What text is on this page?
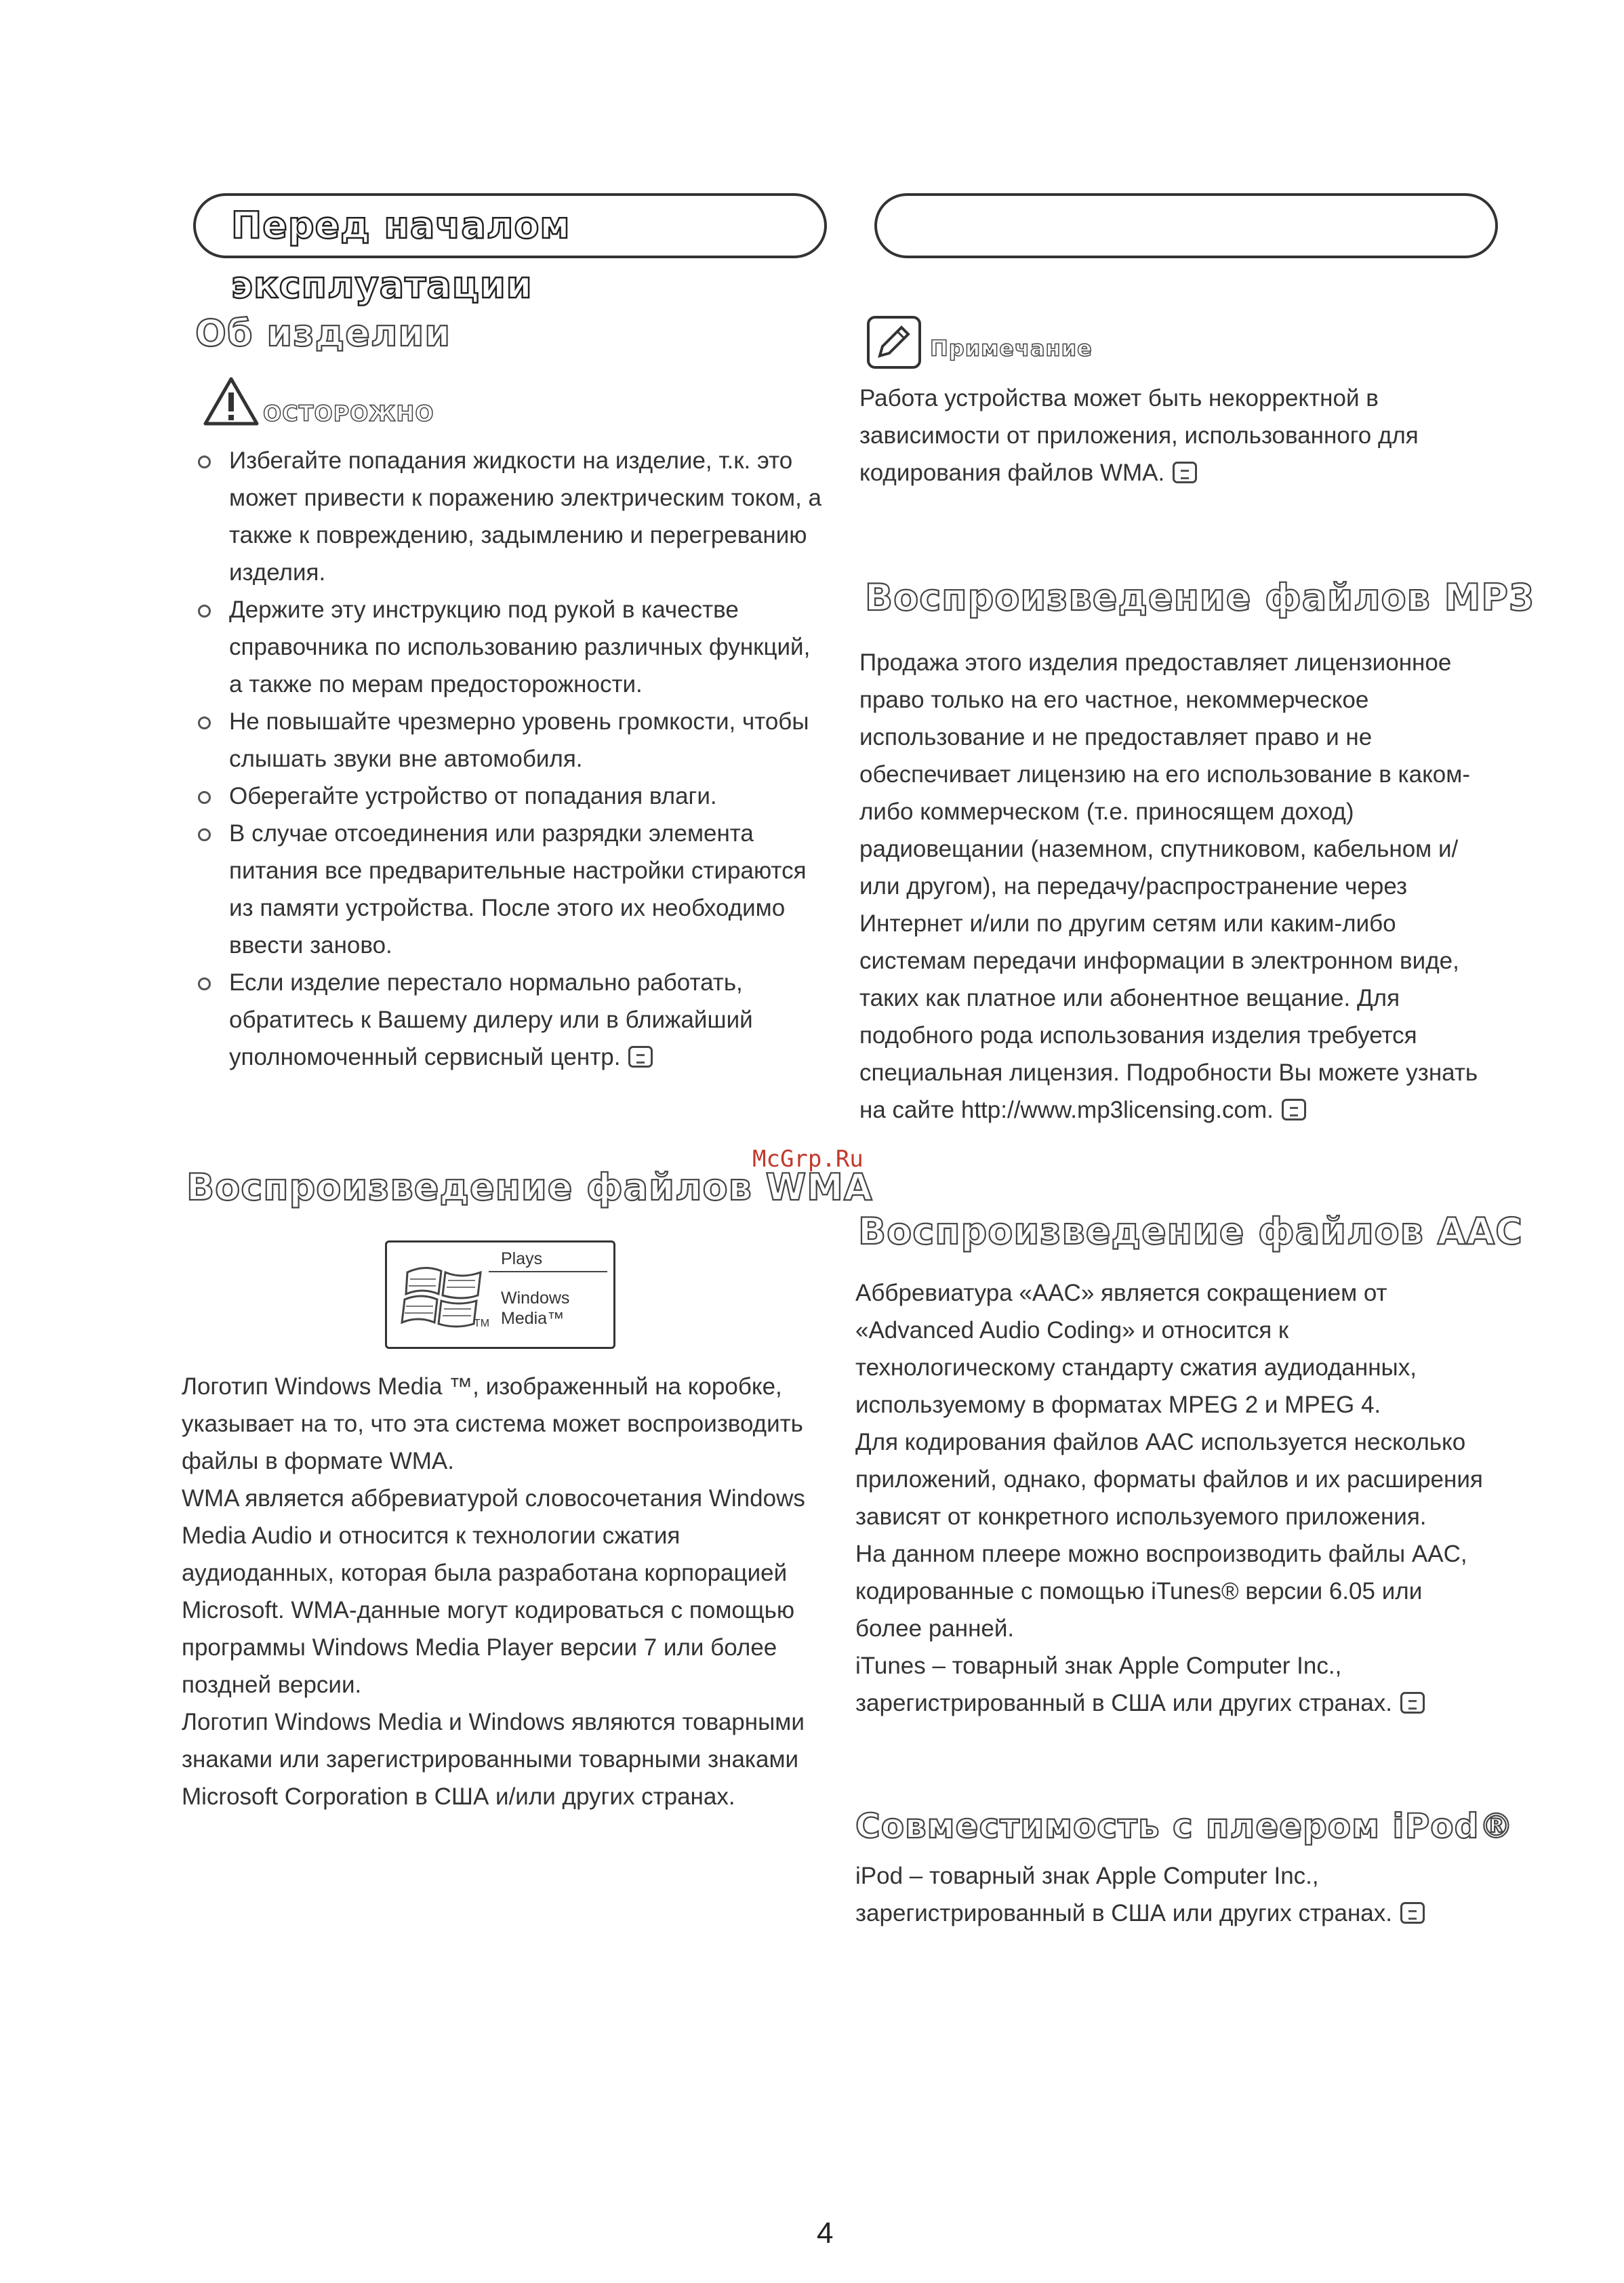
Перед началом эксплуатации
Об изделии
ОСТОРОЖНО
Избегайте попадания жидкости на изделие, т.к. это может привести к поражению электрическим током, а также к повреждению, задымлению и перегреванию изделия.
Держите эту инструкцию под рукой в качестве справочника по использованию различных функций, а также по мерам предосторожности.
Не повышайте чрезмерно уровень громкости, чтобы слышать звуки вне автомобиля.
Оберегайте устройство от попадания влаги.
В случае отсоединения или разрядки элемента питания все предварительные настройки стираются из памяти устройства. После этого их необходимо ввести заново.
Если изделие перестало нормально работать, обратитесь к Вашему дилеру или в ближайший уполномоченный сервисный центр.
McGrp.Ru
Воспроизведение файлов WMA
Plays
Windows
Media™
TM
Логотип Windows Media ™, изображенный на коробке, указывает на то, что эта система может воспроизводить файлы в формате WMA.
WMA является аббревиатурой словосочетания Windows Media Audio и относится к технологии сжатия аудиоданных, которая была разработана корпорацией Microsoft. WMA-данные могут кодироваться с помощью программы Windows Media Player версии 7 или более поздней версии.
Логотип Windows Media и Windows являются товарными знаками или зарегистрированными товарными знаками Microsoft Corporation в США и/или других странах.
Примечание
Работа устройства может быть некорректной в зависимости от приложения, использованного для кодирования файлов WMA.
Воспроизведение файлов MP3
Продажа этого изделия предоставляет лицензионное право только на его частное, некоммерческое использование и не предоставляет право и не обеспечивает лицензию на его использование в каком-либо коммерческом (т.е. приносящем доход) радиовещании (наземном, спутниковом, кабельном и/или другом), на передачу/распространение через Интернет и/или по другим сетям или каким-либо системам передачи информации в электронном виде, таких как платное или абонентное вещание. Для подобного рода использования изделия требуется специальная лицензия. Подробности Вы можете узнать на сайте http://www.mp3licensing.com.
Воспроизведение файлов AAC
Аббревиатура «AAC» является сокращением от «Advanced Audio Coding» и относится к технологическому стандарту сжатия аудиоданных, используемому в форматах MPEG 2 и MPEG 4.
Для кодирования файлов AAC используется несколько приложений, однако, форматы файлов и их расширения зависят от конкретного используемого приложения.
На данном плеере можно воспроизводить файлы AAC, кодированные с помощью iTunes® версии 6.05 или более ранней.
iTunes – товарный знак Apple Computer Inc., зарегистрированный в США или других странах.
Совместимость с плеером iPod®
iPod – товарный знак Apple Computer Inc., зарегистрированный в США или других странах.
4
